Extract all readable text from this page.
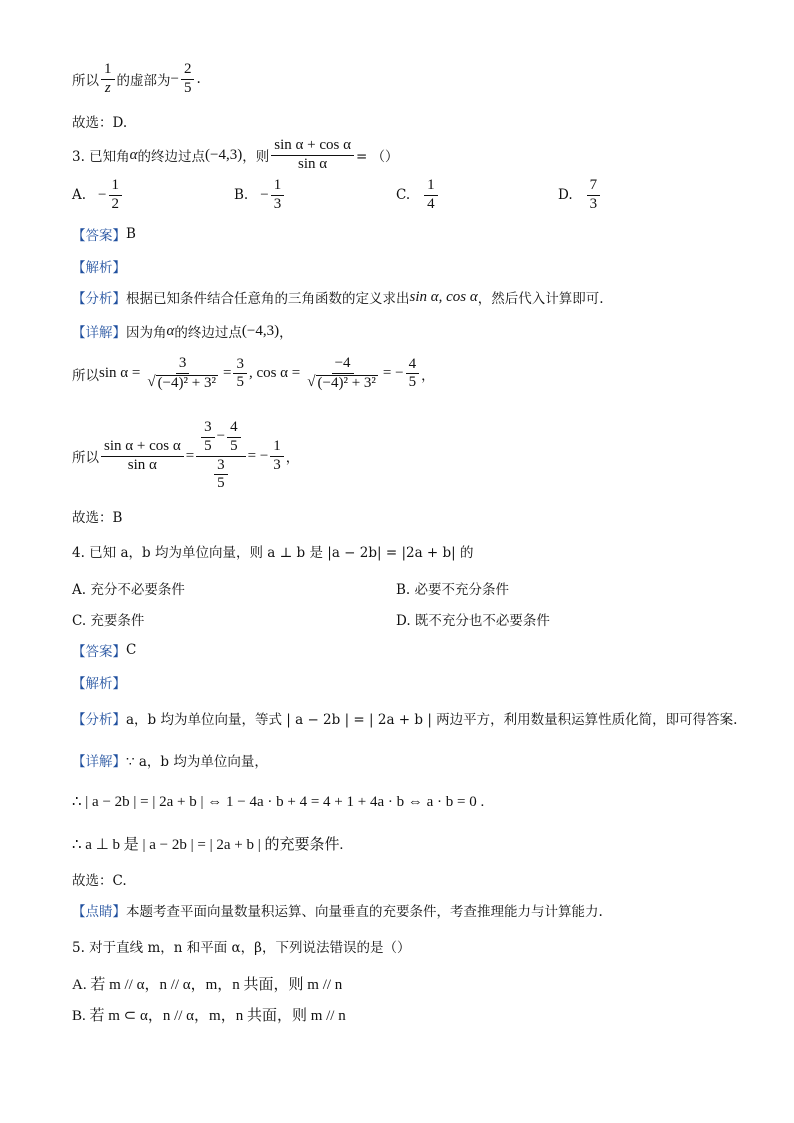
所以 $\frac{1}{z}$ 的虚部为 − $\frac{2}{5}$ .
故选：D.
3. 已知角 α 的终边过点 (−4,3) ，则 $\frac{\text{sin α + cos α}}{\text{sin α}}$ = （）
A. − $\frac{1}{2}$	B. − $\frac{1}{3}$	C. $\frac{1}{4}$	D. $\frac{7}{3}$
【答案】 B
【解析】
【分析】 根据已知条件结合任意角的三角函数的定义求出 sin α, cos α ，然后代入计算即可.
【详解】 因为角 α 的终边过点 (−4,3) ，
所以 $\sin \alpha = \frac{3}{\text{√ (−4)² + 3²}} = \frac{3}{5}$ , $\cos \alpha = \frac{-4}{\text{√ (−4)² + 3²}}$ = − $\frac{4}{5}$ ，
所以 $\frac{\text{sin α + cos α}}{\text{sin α}} = \frac{\frac{3}{5} - \frac{4}{5}}{\frac{3}{5}}$ = − $\frac{1}{3}$ ，
故选：B
4. 已知 a，b 均为单位向量，则 a ⊥ b 是 |a − 2b| = |2a + b| 的
A. 充分不必要条件	B. 必要不充分条件
C. 充要条件	D. 既不充分也不必要条件
【答案】 C
【解析】
【分析】 a，b 均为单位向量，等式 | a − 2b | = | 2a + b | 两边平方，利用数量积运算性质化简，即可得答案.
【详解】 ∵ a，b 均为单位向量，
∴ | a − 2b | = | 2a + b | ⇔ 1 − 4a · b + 4 = 4 + 1 + 4a · b ⇔ a · b = 0 .
∴ a ⊥ b 是 | a − 2b | = | 2a + b | 的充要条件.
故选：C.
【点睛】 本题考查平面向量数量积运算、向量垂直的充要条件，考查推理能力与计算能力.
5. 对于直线 m，n 和平面 α，β，下列说法错误的是（）
A. 若 m // α，n // α，m，n 共面，则 m // n
B. 若 m ⊂ α，n // α，m，n 共面，则 m // n
